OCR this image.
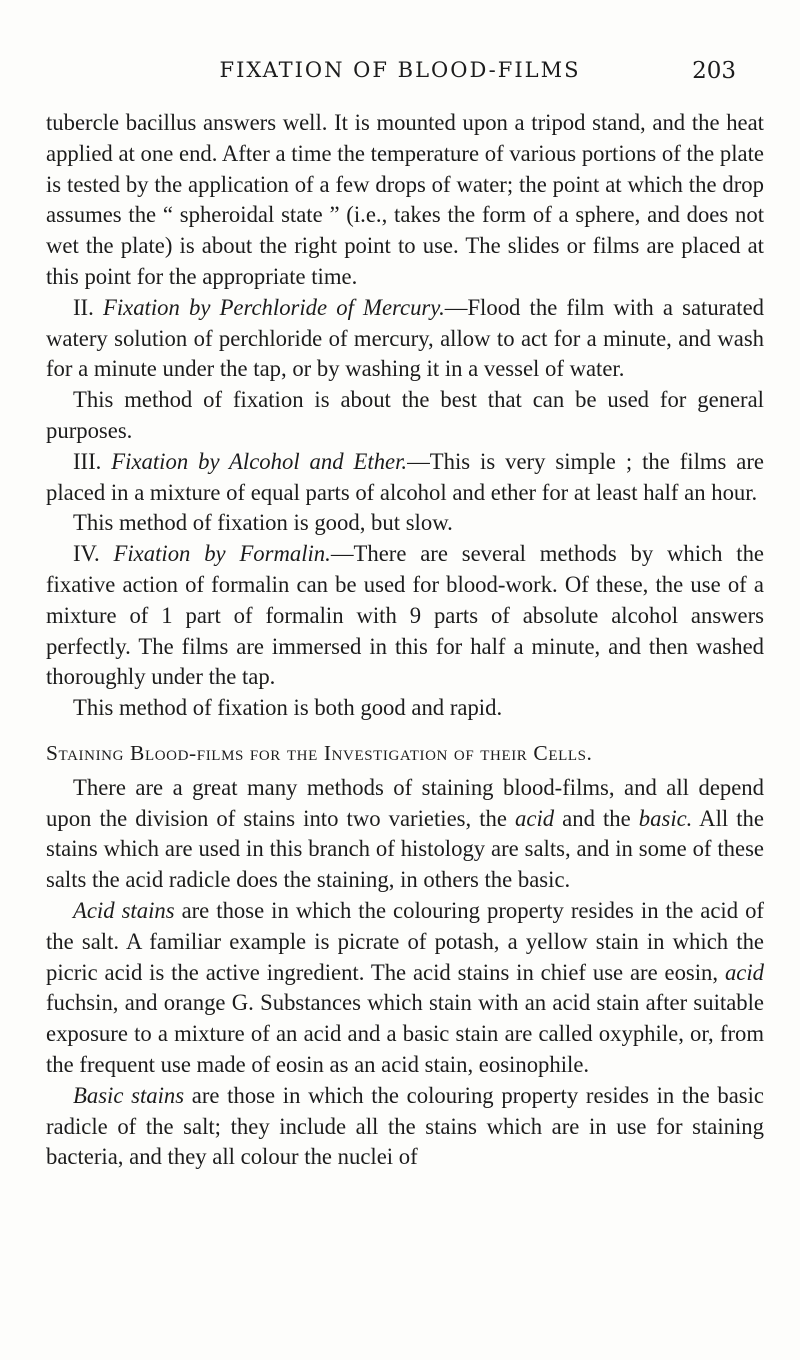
FIXATION OF BLOOD-FILMS	203

tubercle bacillus answers well. It is mounted upon a tripod stand, and the heat applied at one end. After a time the temperature of various portions of the plate is tested by the application of a few drops of water; the point at which the drop assumes the “ spheroidal state ” (i.e., takes the form of a sphere, and does not wet the plate) is about the right point to use. The slides or films are placed at this point for the appropriate time.

II. Fixation by Perchloride of Mercury.—Flood the film with a saturated watery solution of perchloride of mercury, allow to act for a minute, and wash for a minute under the tap, or by washing it in a vessel of water.

This method of fixation is about the best that can be used for general purposes.

III. Fixation by Alcohol and Ether.—This is very simple ; the films are placed in a mixture of equal parts of alcohol and ether for at least half an hour.

This method of fixation is good, but slow.

IV. Fixation by Formalin.—There are several methods by which the fixative action of formalin can be used for blood-work. Of these, the use of a mixture of 1 part of formalin with 9 parts of absolute alcohol answers perfectly. The films are immersed in this for half a minute, and then washed thoroughly under the tap.

This method of fixation is both good and rapid.

Staining Blood-films for the Investigation of their Cells.

There are a great many methods of staining blood-films, and all depend upon the division of stains into two varieties, the acid and the basic. All the stains which are used in this branch of histology are salts, and in some of these salts the acid radicle does the staining, in others the basic.

Acid stains are those in which the colouring property resides in the acid of the salt. A familiar example is picrate of potash, a yellow stain in which the picric acid is the active ingredient. The acid stains in chief use are eosin, acid fuchsin, and orange G. Substances which stain with an acid stain after suitable exposure to a mixture of an acid and a basic stain are called oxyphile, or, from the frequent use made of eosin as an acid stain, eosinophile.

Basic stains are those in which the colouring property resides in the basic radicle of the salt; they include all the stains which are in use for staining bacteria, and they all colour the nuclei of
